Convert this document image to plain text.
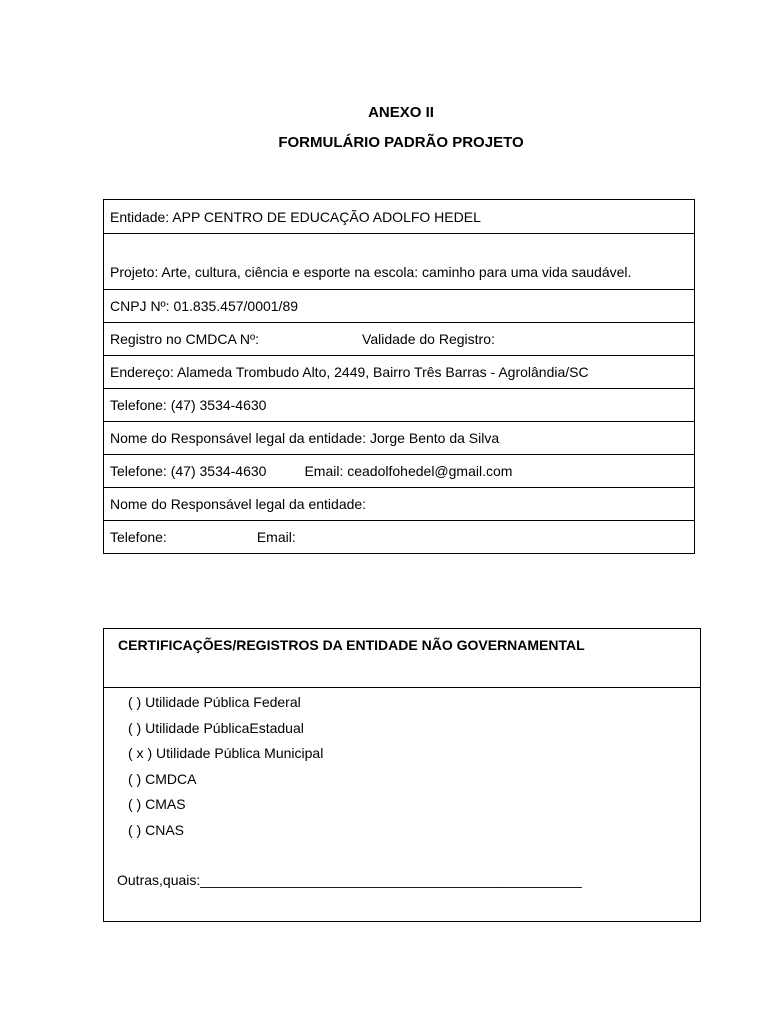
ANEXO II
FORMULÁRIO PADRÃO PROJETO
Entidade: APP CENTRO DE EDUCAÇÃO ADOLFO HEDEL
Projeto: Arte, cultura, ciência e esporte na escola: caminho para uma vida saudável.
CNPJ Nº: 01.835.457/0001/89
Registro no CMDCA Nº:	Validade do Registro:
Endereço: Alameda Trombudo Alto, 2449, Bairro Três Barras - Agrolândia/SC
Telefone: (47) 3534-4630
Nome do Responsável legal da entidade: Jorge Bento da Silva
Telefone: (47) 3534-4630	Email: ceadolfohedel@gmail.com
Nome do Responsável legal da entidade:
Telefone:	Email:
CERTIFICAÇÕES/REGISTROS DA ENTIDADE NÃO GOVERNAMENTAL
( ) Utilidade Pública Federal
( ) Utilidade PúblicaEstadual
( x ) Utilidade Pública Municipal
( ) CMDCA
( ) CMAS
( ) CNAS
Outras,quais:_________________________________________________
